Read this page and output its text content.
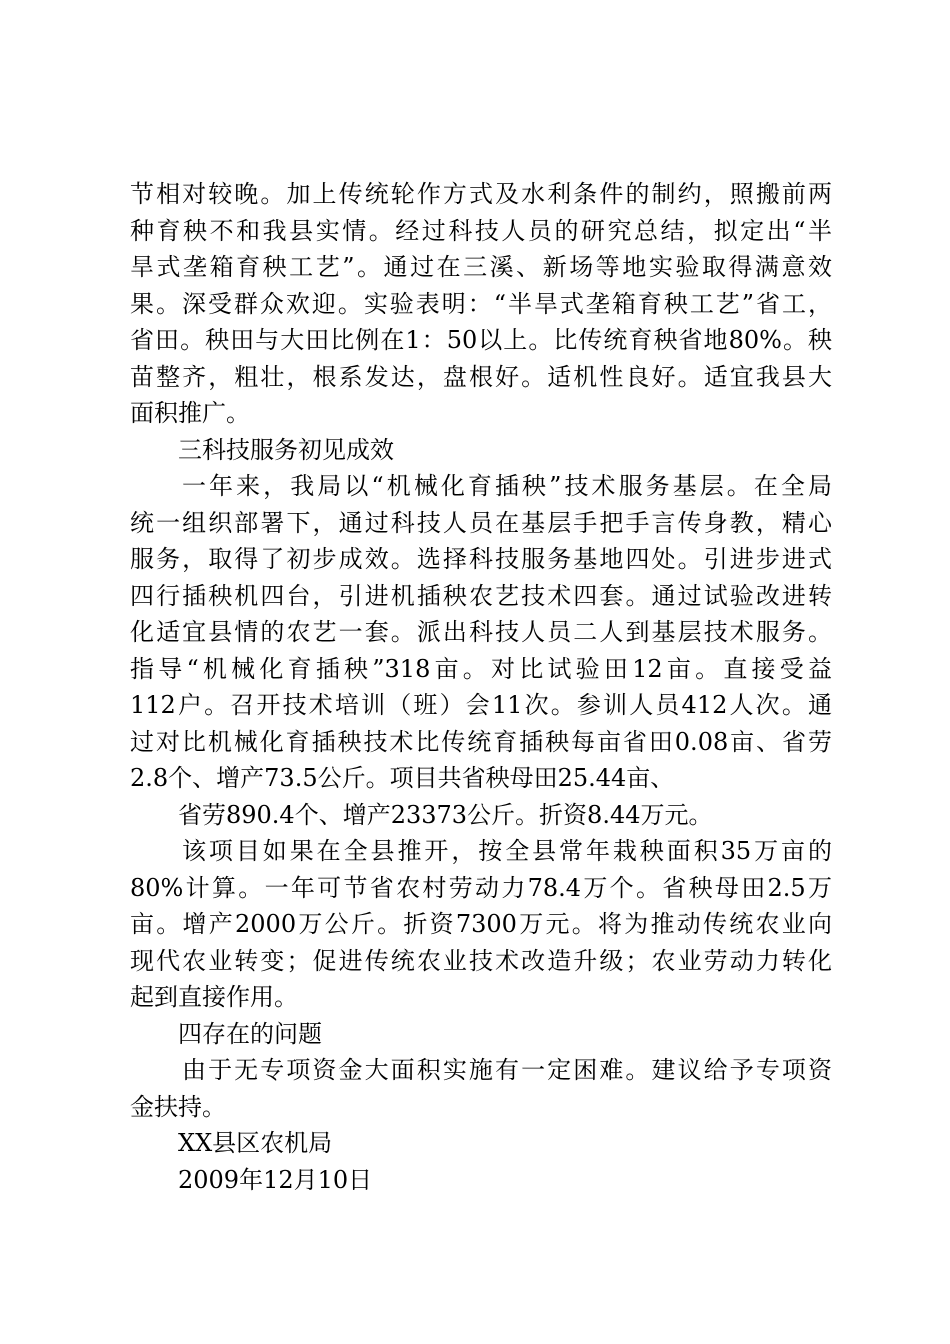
节相对较晚。加上传统轮作方式及水利条件的制约，照搬前两
种育秧不和我县实情。经过科技人员的研究总结，拟定出“半
旱式垄箱育秧工艺”。通过在三溪、新场等地实验取得满意效
果。深受群众欢迎。实验表明：“半旱式垄箱育秧工艺”省工，
省田。秧田与大田比例在1：50以上。比传统育秧省地80%。秧
苗整齐，粗壮，根系发达，盘根好。适机性良好。适宜我县大
面积推广。
三科技服务初见成效
一年来，我局以“机械化育插秧”技术服务基层。在全局
统一组织部署下，通过科技人员在基层手把手言传身教，精心
服务，取得了初步成效。选择科技服务基地四处。引进步进式
四行插秧机四台，引进机插秧农艺技术四套。通过试验改进转
化适宜县情的农艺一套。派出科技人员二人到基层技术服务。
指导“机械化育插秧”318亩。对比试验田12亩。直接受益
112户。召开技术培训（班）会11次。参训人员412人次。通
过对比机械化育插秧技术比传统育插秧每亩省田0.08亩、省劳
2.8个、增产73.5公斤。项目共省秧母田25.44亩、
省劳890.4个、增产23373公斤。折资8.44万元。
该项目如果在全县推开，按全县常年栽秧面积35万亩的
80%计算。一年可节省农村劳动力78.4万个。省秧母田2.5万
亩。增产2000万公斤。折资7300万元。将为推动传统农业向
现代农业转变；促进传统农业技术改造升级；农业劳动力转化
起到直接作用。
四存在的问题
由于无专项资金大面积实施有一定困难。建议给予专项资
金扶持。
XX县区农机局
2009年12月10日
